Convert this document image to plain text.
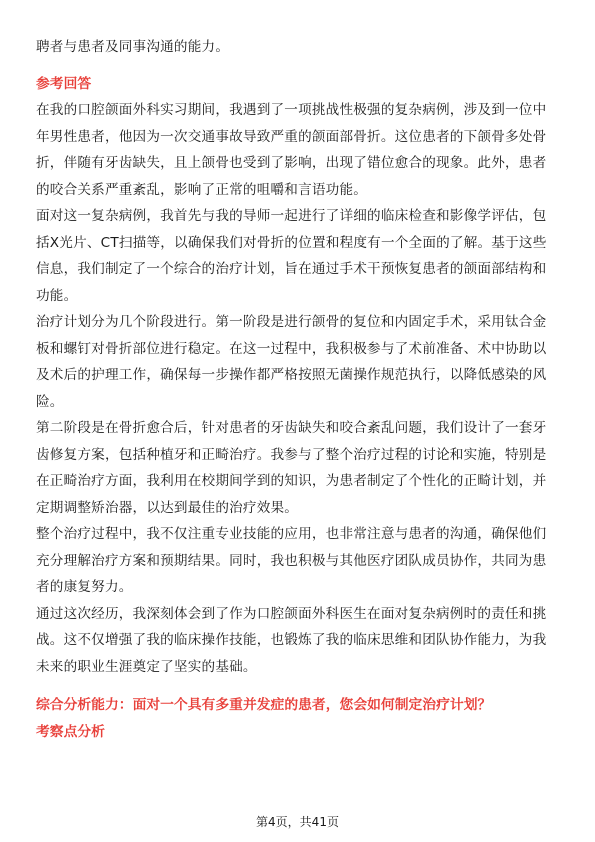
聘者与患者及同事沟通的能力。

参考回答

在我的口腔颌面外科实习期间，我遇到了一项挑战性极强的复杂病例，涉及到一位中年男性患者，他因为一次交通事故导致严重的颌面部骨折。这位患者的下颌骨多处骨折，伴随有牙齿缺失，且上颌骨也受到了影响，出现了错位愈合的现象。此外，患者的咬合关系严重紊乱，影响了正常的咀嚼和言语功能。

面对这一复杂病例，我首先与我的导师一起进行了详细的临床检查和影像学评估，包括X光片、CT扫描等，以确保我们对骨折的位置和程度有一个全面的了解。基于这些信息，我们制定了一个综合的治疗计划，旨在通过手术干预恢复患者的颌面部结构和功能。

治疗计划分为几个阶段进行。第一阶段是进行颌骨的复位和内固定手术，采用钛合金板和螺钉对骨折部位进行稳定。在这一过程中，我积极参与了术前准备、术中协助以及术后的护理工作，确保每一步操作都严格按照无菌操作规范执行，以降低感染的风险。

第二阶段是在骨折愈合后，针对患者的牙齿缺失和咬合紊乱问题，我们设计了一套牙齿修复方案，包括种植牙和正畸治疗。我参与了整个治疗过程的讨论和实施，特别是在正畸治疗方面，我利用在校期间学到的知识，为患者制定了个性化的正畸计划，并定期调整矫治器，以达到最佳的治疗效果。

整个治疗过程中，我不仅注重专业技能的应用，也非常注意与患者的沟通，确保他们充分理解治疗方案和预期结果。同时，我也积极与其他医疗团队成员协作，共同为患者的康复努力。

通过这次经历，我深刻体会到了作为口腔颌面外科医生在面对复杂病例时的责任和挑战。这不仅增强了我的临床操作技能，也锻炼了我的临床思维和团队协作能力，为我未来的职业生涯奠定了坚实的基础。

综合分析能力：面对一个具有多重并发症的患者，您会如何制定治疗计划？

考察点分析

第4页，共41页
